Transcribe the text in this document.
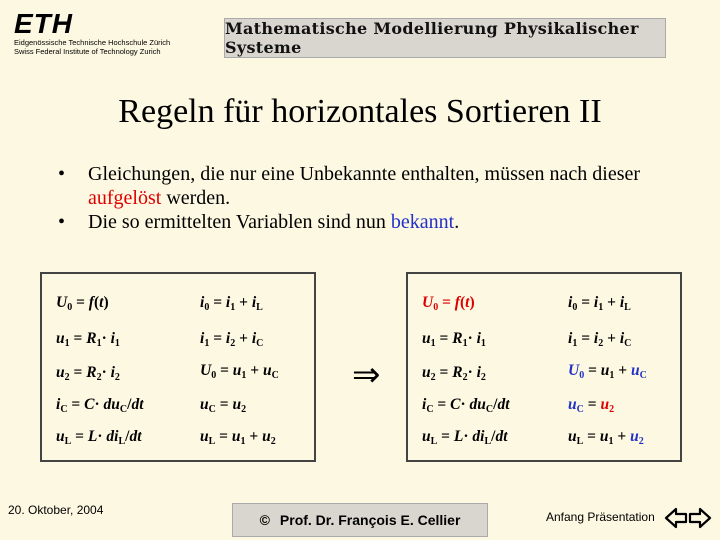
ETH
Eidgenössische Technische Hochschule Zürich
Swiss Federal Institute of Technology Zurich
Mathematische Modellierung Physikalischer Systeme
Regeln für horizontales Sortieren II
• Gleichungen, die nur eine Unbekannte enthalten, müssen nach dieser aufgelöst werden.
• Die so ermittelten Variablen sind nun bekannt.
$U_0 = f(t)$	$i_0 = i_1 + i_L$
$u_1 = R_1\cdot i_1$	$i_1 = i_2 + i_C$
$u_2 = R_2\cdot i_2$	$U_0 = u_1 + u_C$
$i_C = C\cdot du_C/dt$	$u_C = u_2$
$u_L = L\cdot di_L/dt$	$u_L = u_1 + u_2$
⇒
$U_0 = f(t)$	$i_0 = i_1 + i_L$
$u_1 = R_1\cdot i_1$	$i_1 = i_2 + i_C$
$u_2 = R_2\cdot i_2$	$U_0 = u_1 + u_C$
$i_C = C\cdot du_C/dt$	$u_C = u_2$
$u_L = L\cdot di_L/dt$	$u_L = u_1 + u_2$
20. Oktober, 2004
© Prof. Dr. François E. Cellier	Anfang Präsentation
